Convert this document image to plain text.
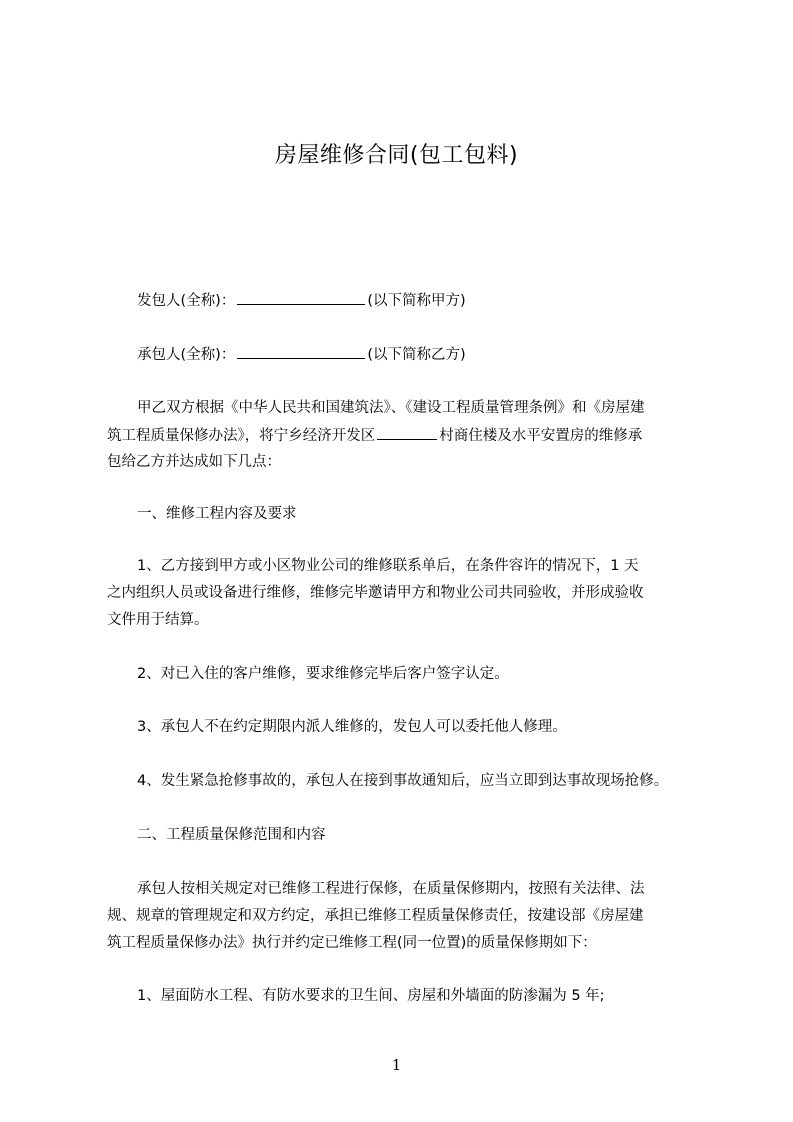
房屋维修合同(包工包料)
发包人(全称)：	(以下简称甲方)
承包人(全称)：	(以下简称乙方)
甲乙双方根据《中华人民共和国建筑法》、《建设工程质量管理条例》和《房屋建
筑工程质量保修办法》，将宁乡经济开发区	村商住楼及水平安置房的维修承
包给乙方并达成如下几点：
一、维修工程内容及要求
1、乙方接到甲方或小区物业公司的维修联系单后，在条件容许的情况下，1 天
之内组织人员或设备进行维修，维修完毕邀请甲方和物业公司共同验收，并形成验收
文件用于结算。
2、对已入住的客户维修，要求维修完毕后客户签字认定。
3、承包人不在约定期限内派人维修的，发包人可以委托他人修理。
4、发生紧急抢修事故的，承包人在接到事故通知后，应当立即到达事故现场抢修。
二、工程质量保修范围和内容
承包人按相关规定对已维修工程进行保修，在质量保修期内，按照有关法律、法
规、规章的管理规定和双方约定，承担已维修工程质量保修责任，按建设部《房屋建
筑工程质量保修办法》执行并约定已维修工程(同一位置)的质量保修期如下：
1、屋面防水工程、有防水要求的卫生间、房屋和外墙面的防渗漏为 5 年;
1
